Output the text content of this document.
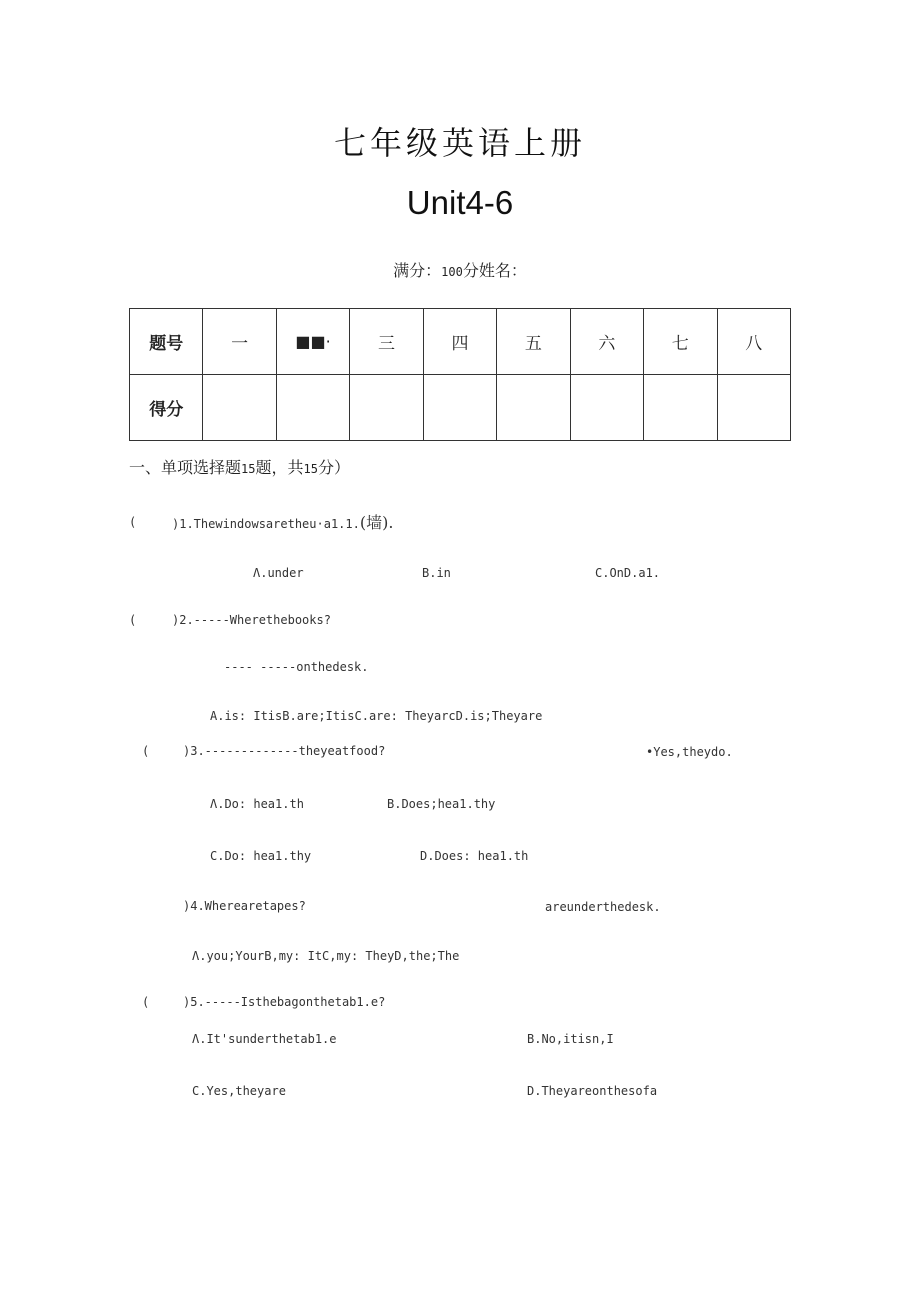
七年级英语上册
Unit4-6
满分：100分姓名：
题号	一	■■·	三	四	五	六	七	八
得分								
一、单项选择题15题，共15分）
(	)1.Thewindowsaretheu·a1.1.(墙).
Λ.under	B.in	C.OnD.a1.
(	)2.-----Wherethebooks?
---- -----onthedesk.
A.is: ItisB.are;ItisC.are: TheyarcD.is;Theyare
(	)3.-------------theyeatfood?	•Yes,theydo.
Λ.Do: hea1.th	B.Does;hea1.thy
C.Do: hea1.thy	D.Does: hea1.th
)4.Wherearetapes?	areunderthedesk.
Λ.you;YourB,my: ItC,my: TheyD,the;The
(	)5.-----Isthebagonthetab1.e?
Λ.It'sunderthetab1.e	B.No,itisn,I
C.Yes,theyare	D.Theyareonthesofa
